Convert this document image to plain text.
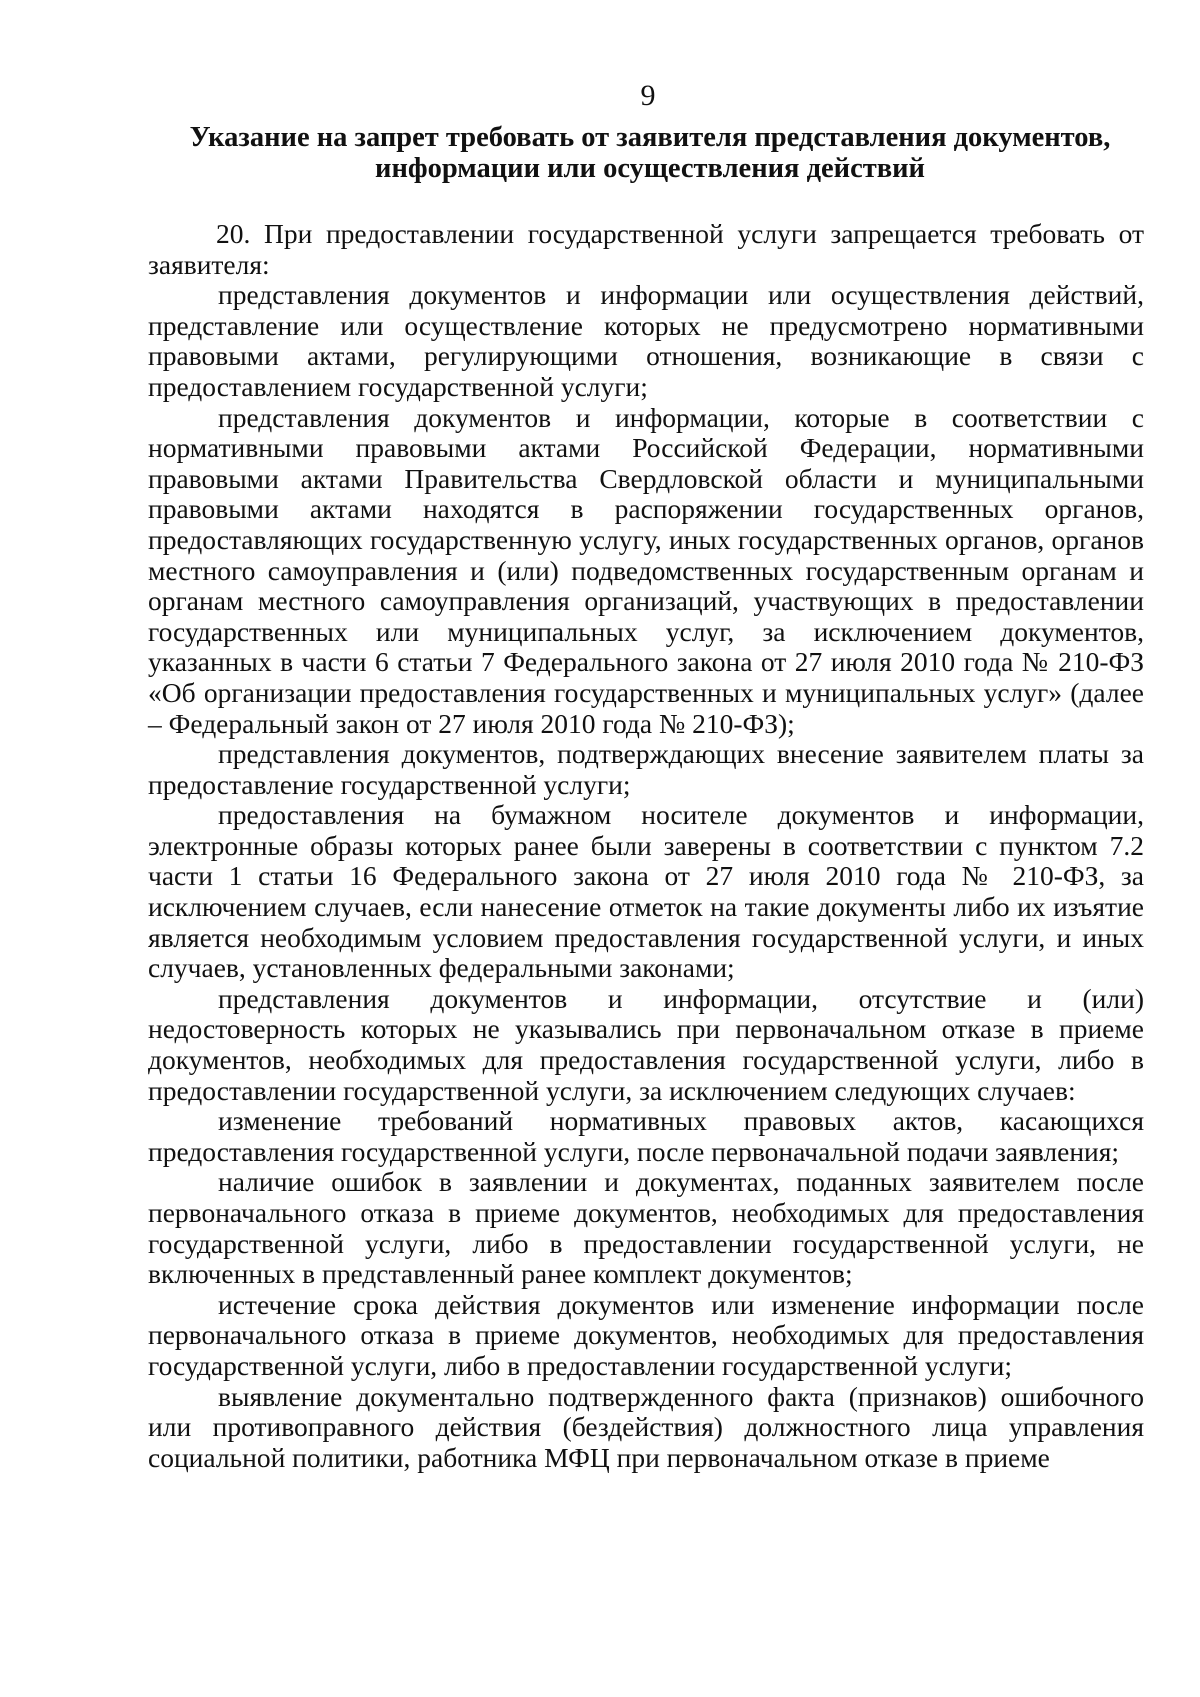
9
Указание на запрет требовать от заявителя представления документов,
информации или осуществления действий

20. При предоставлении государственной услуги запрещается требовать от заявителя:

представления документов и информации или осуществления действий, представление или осуществление которых не предусмотрено нормативными правовыми актами, регулирующими отношения, возникающие в связи с предоставлением государственной услуги;

представления документов и информации, которые в соответствии с нормативными правовыми актами Российской Федерации, нормативными правовыми актами Правительства Свердловской области и муниципальными правовыми актами находятся в распоряжении государственных органов, предоставляющих государственную услугу, иных государственных органов, органов местного самоуправления и (или) подведомственных государственным органам и органам местного самоуправления организаций, участвующих в предоставлении государственных или муниципальных услуг, за исключением документов, указанных в части 6 статьи 7 Федерального закона от 27 июля 2010 года № 210-ФЗ «Об организации предоставления государственных и муниципальных услуг» (далее – Федеральный закон от 27 июля 2010 года № 210-ФЗ);

представления документов, подтверждающих внесение заявителем платы за предоставление государственной услуги;

предоставления на бумажном носителе документов и информации, электронные образы которых ранее были заверены в соответствии с пунктом 7.2 части 1 статьи 16 Федерального закона от 27 июля 2010 года № 210-ФЗ, за исключением случаев, если нанесение отметок на такие документы либо их изъятие является необходимым условием предоставления государственной услуги, и иных случаев, установленных федеральными законами;

представления документов и информации, отсутствие и (или) недостоверность которых не указывались при первоначальном отказе в приеме документов, необходимых для предоставления государственной услуги, либо в предоставлении государственной услуги, за исключением следующих случаев:

изменение требований нормативных правовых актов, касающихся предоставления государственной услуги, после первоначальной подачи заявления;

наличие ошибок в заявлении и документах, поданных заявителем после первоначального отказа в приеме документов, необходимых для предоставления государственной услуги, либо в предоставлении государственной услуги, не включенных в представленный ранее комплект документов;

истечение срока действия документов или изменение информации после первоначального отказа в приеме документов, необходимых для предоставления государственной услуги, либо в предоставлении государственной услуги;

выявление документально подтвержденного факта (признаков) ошибочного или противоправного действия (бездействия) должностного лица управления социальной политики, работника МФЦ при первоначальном отказе в приеме
